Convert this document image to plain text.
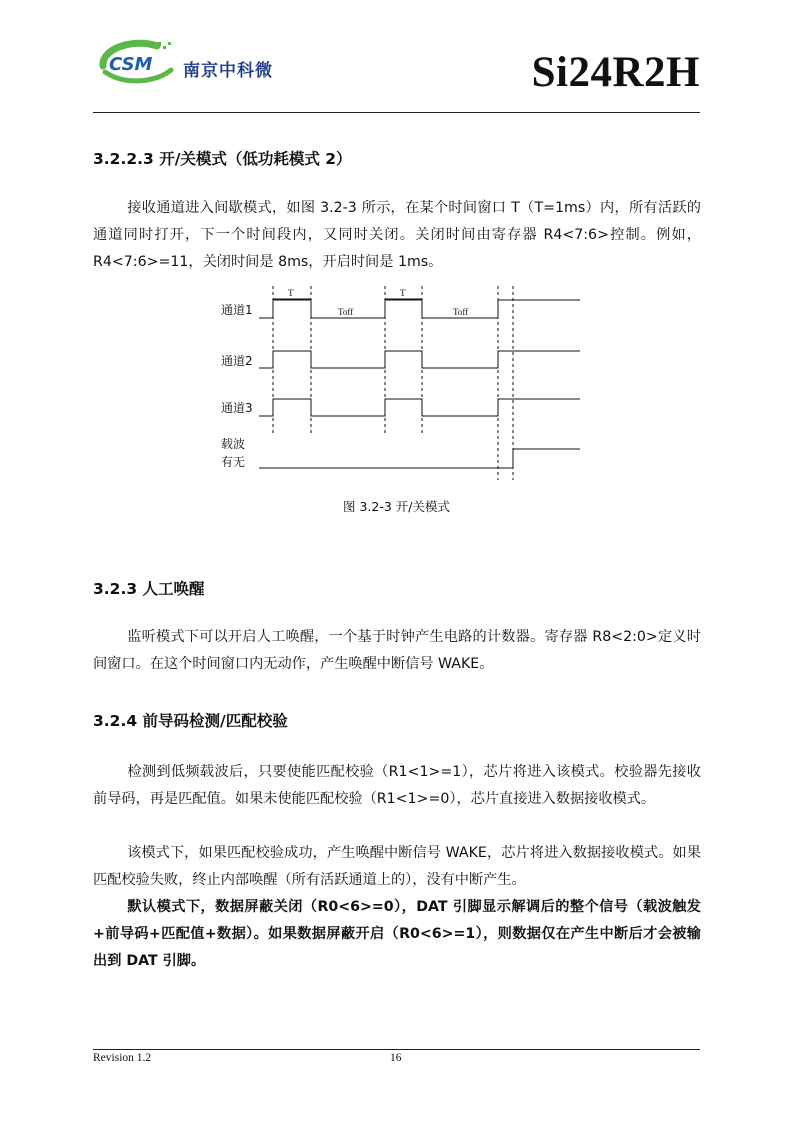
CSM 南京中科微	Si24R2H
3.2.2.3 开/关模式（低功耗模式 2）
接收通道进入间歇模式，如图 3.2-3 所示，在某个时间窗口 T（T=1ms）内，所有活跃的通道同时打开，下一个时间段内，又同时关闭。关闭时间由寄存器 R4<7:6>控制。例如，R4<7:6>=11，关闭时间是 8ms，开启时间是 1ms。
T	T
Toff	Toff
通道1
通道2
通道3
载波
有无
图 3.2-3 开/关模式
3.2.3 人工唤醒
监听模式下可以开启人工唤醒，一个基于时钟产生电路的计数器。寄存器 R8<2:0>定义时间窗口。在这个时间窗口内无动作，产生唤醒中断信号 WAKE。
3.2.4 前导码检测/匹配校验
检测到低频载波后，只要使能匹配校验（R1<1>=1），芯片将进入该模式。校验器先接收前导码，再是匹配值。如果未使能匹配校验（R1<1>=0），芯片直接进入数据接收模式。
该模式下，如果匹配校验成功，产生唤醒中断信号 WAKE，芯片将进入数据接收模式。如果匹配校验失败，终止内部唤醒（所有活跃通道上的），没有中断产生。
默认模式下，数据屏蔽关闭（R0<6>=0），DAT 引脚显示解调后的整个信号（载波触发+前导码+匹配值+数据）。如果数据屏蔽开启（R0<6>=1），则数据仅在产生中断后才会被输出到 DAT 引脚。
Revision 1.2	16
